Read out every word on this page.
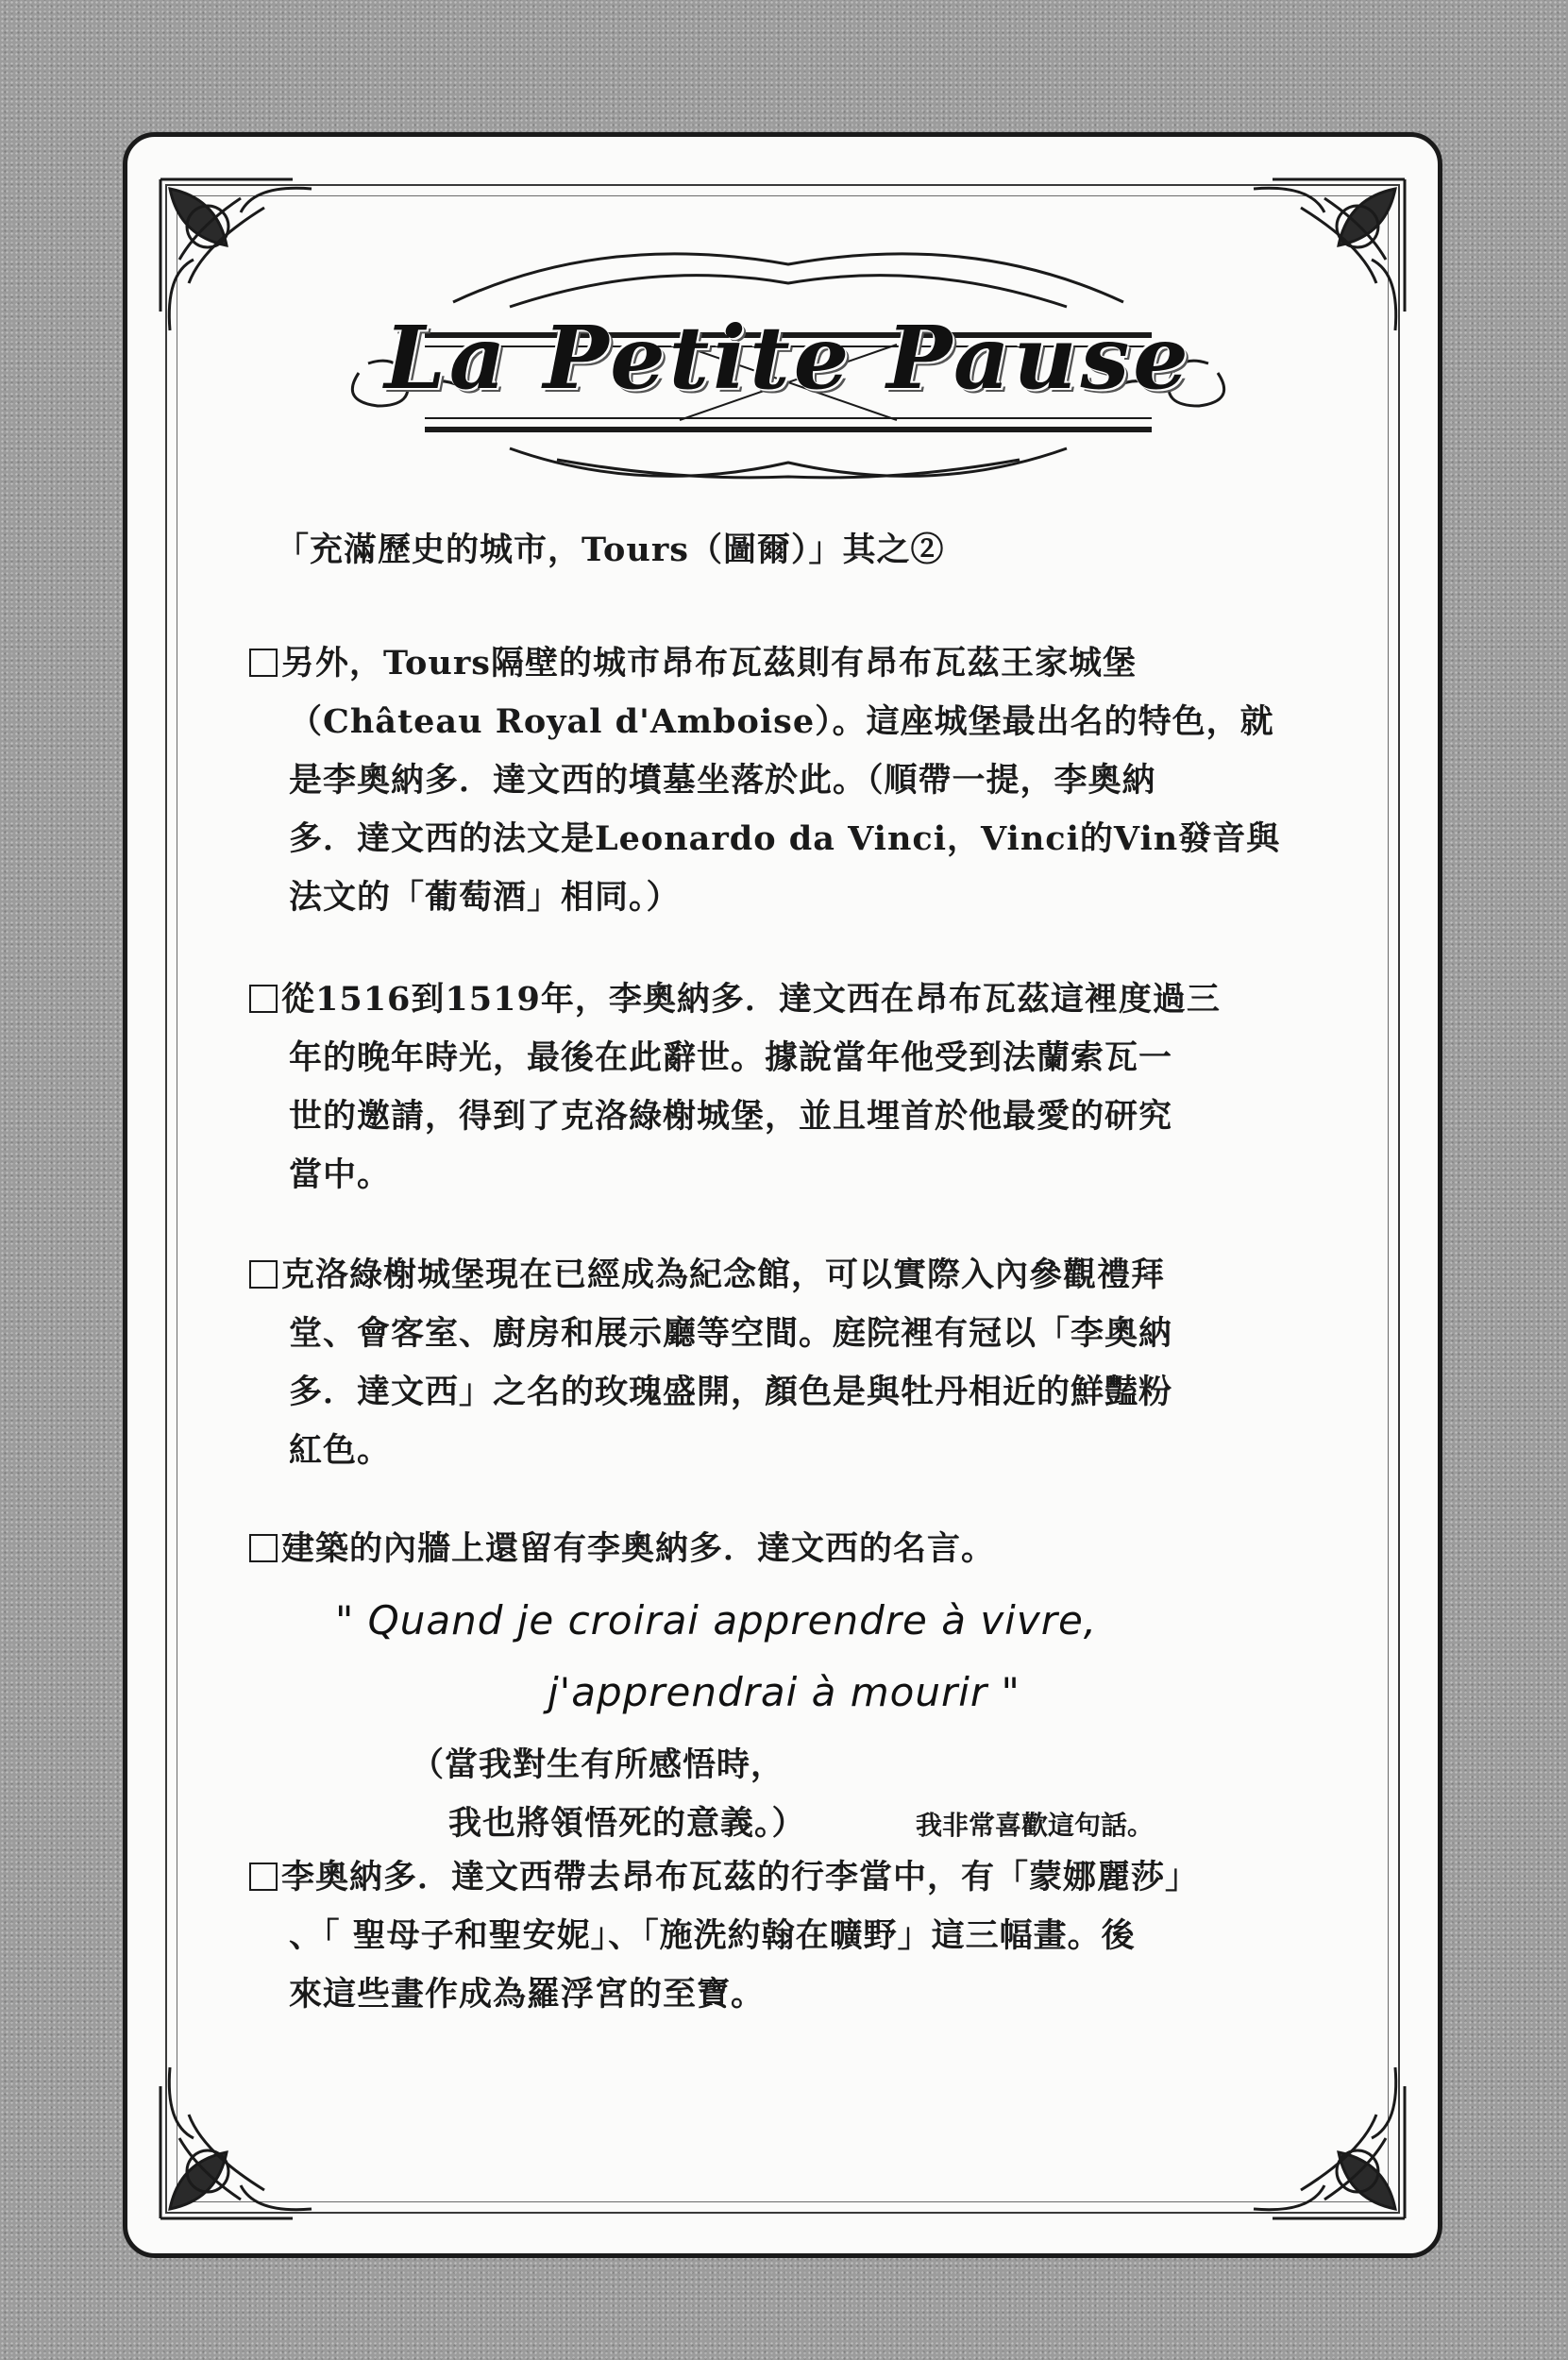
La Petite Pause
「充滿歷史的城市，Tours（圖爾）」其之②
另外，Tours隔壁的城市昂布瓦茲則有昂布瓦茲王家城堡
（Château Royal d'Amboise）。這座城堡最出名的特色，就
是李奧納多．達文西的墳墓坐落於此。（順帶一提，李奧納
多．達文西的法文是Leonardo da Vinci，Vinci的Vin發音與
法文的「葡萄酒」相同。）
從1516到1519年，李奧納多．達文西在昂布瓦茲這裡度過三
年的晚年時光，最後在此辭世。據說當年他受到法蘭索瓦一
世的邀請，得到了克洛綠榭城堡，並且埋首於他最愛的研究
當中。
克洛綠榭城堡現在已經成為紀念館，可以實際入內參觀禮拜
堂、會客室、廚房和展示廳等空間。庭院裡有冠以「李奧納
多．達文西」之名的玫瑰盛開，顏色是與牡丹相近的鮮豔粉
紅色。
建築的內牆上還留有李奧納多．達文西的名言。
" Quand je croirai apprendre à vivre,
j'apprendrai à mourir "
（當我對生有所感悟時，
我也將領悟死的意義。）	我非常喜歡這句話。
李奧納多．達文西帶去昂布瓦茲的行李當中，有「蒙娜麗莎」
、「 聖母子和聖安妮」、「施洗約翰在曠野」這三幅畫。後
來這些畫作成為羅浮宮的至寶。
